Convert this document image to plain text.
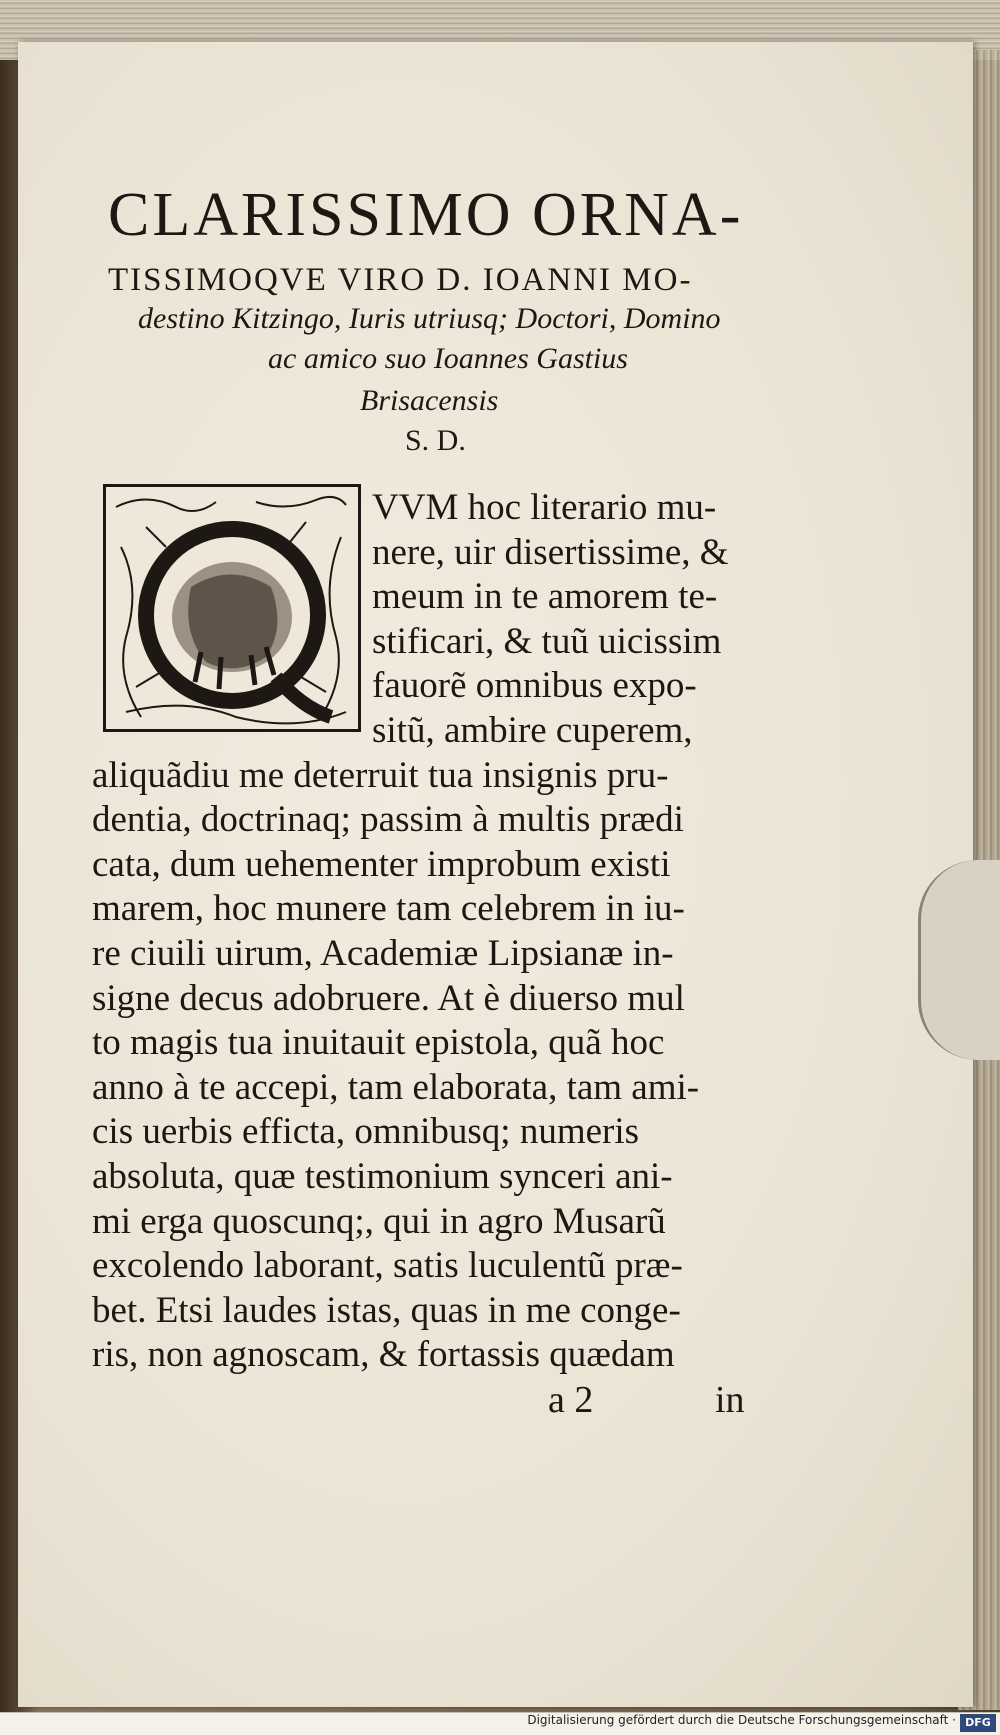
CLARISSIMO ORNA-
TISSIMOQVE VIRO D. IOANNI MO-
destino Kitzingo, Iuris utriusq; Doctori, Domino
ac amico suo Ioannes Gastius
Brisacensis
S. D.
VVM hoc literario mu-
nere, uir disertissime, &
meum in te amorem te-
stificari, & tuũ uicissim
fauorẽ omnibus expo-
sitũ, ambire cuperem,
aliquãdiu me deterruit tua insignis pru-
dentia, doctrinaq; passim à multis prædi
cata, dum uehementer improbum existi
marem, hoc munere tam celebrem in iu-
re ciuili uirum, Academiæ Lipsianæ in-
signe decus adobruere. At è diuerso mul
to magis tua inuitauit epistola, quã hoc
anno à te accepi, tam elaborata, tam ami-
cis uerbis efficta, omnibusq; numeris
absoluta, quæ testimonium synceri ani-
mi erga quoscunq;, qui in agro Musarũ
excolendo laborant, satis luculentũ præ-
bet. Etsi laudes istas, quas in me conge-
ris, non agnoscam, & fortassis quædam
a 2	in
Digitalisierung gefördert durch die Deutsche Forschungsgemeinschaft · DFG
